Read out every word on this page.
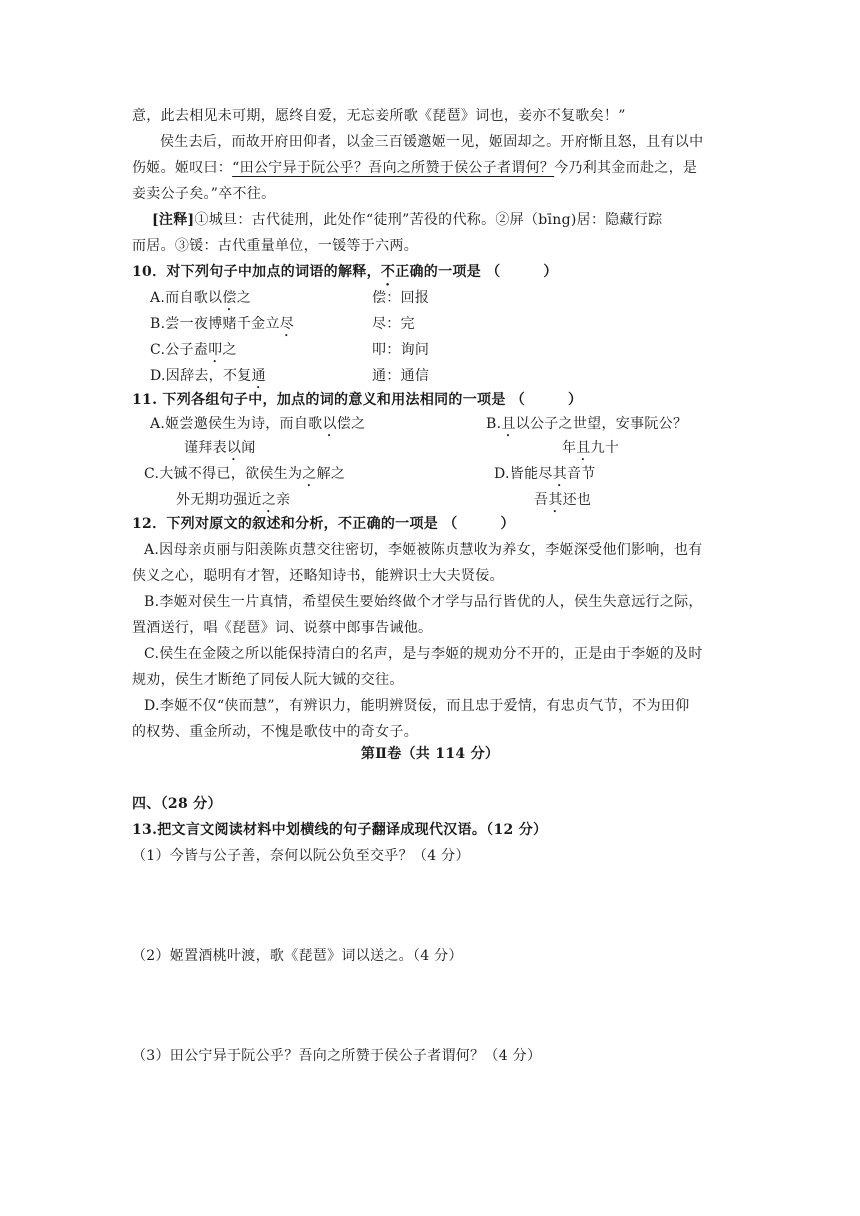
意，此去相见未可期，愿终自爱，无忘妾所歌《琵琶》词也，妾亦不复歌矣！”
侯生去后，而故开府田仰者，以金三百锾邀姬一见，姬固却之。开府惭且怒，且有以中
伤姬。姬叹曰：“田公宁异于阮公乎？吾向之所赞于侯公子者谓何？今乃利其金而赴之，是
妾卖公子矣。”卒不往。
[注释]①城旦：古代徒刑，此处作“徒刑”苦役的代称。②屏（bīng)居：隐藏行踪
而居。③锾：古代重量单位，一锾等于六两。
10．对下列句子中加点的词语的解释，不正确的一项是 （　　　）
A.而自歌以偿之	偿：回报
B.尝一夜博赌千金立尽	尽：完
C.公子盍叩之	叩：询问
D.因辞去，不复通	通：通信
11. 下列各组句子中，加点的词的意义和用法相同的一项是 （　　　）
A.姬尝邀侯生为诗，而自歌以偿之	B.且以公子之世望，安事阮公？
谨拜表以闻	年且九十
C.大铖不得已，欲侯生为之解之	D.皆能尽其音节
外无期功强近之亲	吾其还也
12．下列对原文的叙述和分析，不正确的一项是 （　　　）
A.因母亲贞丽与阳羡陈贞慧交往密切，李姬被陈贞慧收为养女，李姬深受他们影响，也有
侠义之心，聪明有才智，还略知诗书，能辨识士大夫贤佞。
B.李姬对侯生一片真情，希望侯生要始终做个才学与品行皆优的人，侯生失意远行之际，
置酒送行，唱《琵琶》词、说蔡中郎事告诫他。
C.侯生在金陵之所以能保持清白的名声，是与李姬的规劝分不开的，正是由于李姬的及时
规劝，侯生才断绝了同佞人阮大铖的交往。
D.李姬不仅“侠而慧”，有辨识力，能明辨贤佞，而且忠于爱情，有忠贞气节，不为田仰
的权势、重金所动，不愧是歌伎中的奇女子。
第Ⅱ卷（共 114 分）
四、（28 分）
13.把文言文阅读材料中划横线的句子翻译成现代汉语。（12 分）
（1）今皆与公子善，奈何以阮公负至交乎？（4 分）
（2）姬置酒桃叶渡，歌《琵琶》词以送之。（4 分）
（3）田公宁异于阮公乎？吾向之所赞于侯公子者谓何？（4 分）
